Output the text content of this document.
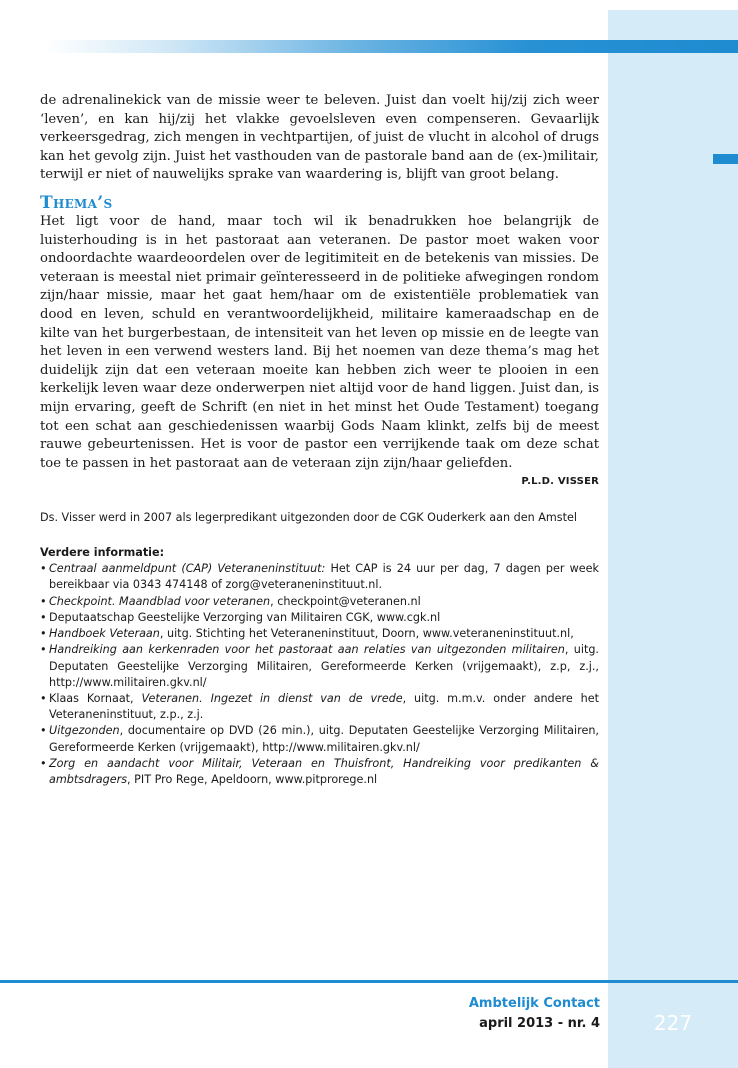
de adrenalinekick van de missie weer te beleven. Juist dan voelt hij/zij zich weer ‘leven’, en kan hij/zij het vlakke gevoelsleven even compenseren. Gevaarlijk verkeersgedrag, zich mengen in vechtpartijen, of juist de vlucht in alcohol of drugs kan het gevolg zijn. Juist het vasthouden van de pastorale band aan de (ex-)militair, terwijl er niet of nauwelijks sprake van waardering is, blijft van groot belang.

Thema’s

Het ligt voor de hand, maar toch wil ik benadrukken hoe belangrijk de luisterhouding is in het pastoraat aan veteranen. De pastor moet waken voor ondoordachte waardeoordelen over de legitimiteit en de betekenis van missies. De veteraan is meestal niet primair geïnteresseerd in de politieke afwegingen rondom zijn/haar missie, maar het gaat hem/haar om de existentiële problematiek van dood en leven, schuld en verantwoordelijkheid, militaire kameraadschap en de kilte van het burgerbestaan, de intensiteit van het leven op missie en de leegte van het leven in een verwend westers land. Bij het noemen van deze thema’s mag het duidelijk zijn dat een veteraan moeite kan hebben zich weer te plooien in een kerkelijk leven waar deze onderwerpen niet altijd voor de hand liggen. Juist dan, is mijn ervaring, geeft de Schrift (en niet in het minst het Oude Testament) toegang tot een schat aan geschiedenissen waarbij Gods Naam klinkt, zelfs bij de meest rauwe gebeurtenissen. Het is voor de pastor een verrijkende taak om deze schat toe te passen in het pastoraat aan de veteraan zijn zijn/haar geliefden.

P.L.D. VISSER
Ds. Visser werd in 2007 als legerpredikant uitgezonden door de CGK Ouderkerk aan den Amstel
Verdere informatie:
• Centraal aanmeldpunt (CAP) Veteraneninstituut: Het CAP is 24 uur per dag, 7 dagen per week bereikbaar via 0343 474148 of zorg@veteraneninstituut.nl.
• Checkpoint. Maandblad voor veteranen, checkpoint@veteranen.nl
• Deputaatschap Geestelijke Verzorging van Militairen CGK, www.cgk.nl
• Handboek Veteraan, uitg. Stichting het Veteraneninstituut, Doorn, www.veteraneninstituut.nl,
• Handreiking aan kerkenraden voor het pastoraat aan relaties van uitgezonden militairen, uitg. Deputaten Geestelijke Verzorging Militairen, Gereformeerde Kerken (vrijgemaakt), z.p, z.j., http://www.militairen.gkv.nl/
• Klaas Kornaat, Veteranen. Ingezet in dienst van de vrede, uitg. m.m.v. onder andere het Veteraneninstituut, z.p., z.j.
• Uitgezonden, documentaire op DVD (26 min.), uitg. Deputaten Geestelijke Verzorging Militairen, Gereformeerde Kerken (vrijgemaakt), http://www.militairen.gkv.nl/
• Zorg en aandacht voor Militair, Veteraan en Thuisfront, Handreiking voor predikanten & ambtsdragers, PIT Pro Rege, Apeldoorn, www.pitprorege.nl
Ambtelijk Contact
april 2013 - nr. 4	227
